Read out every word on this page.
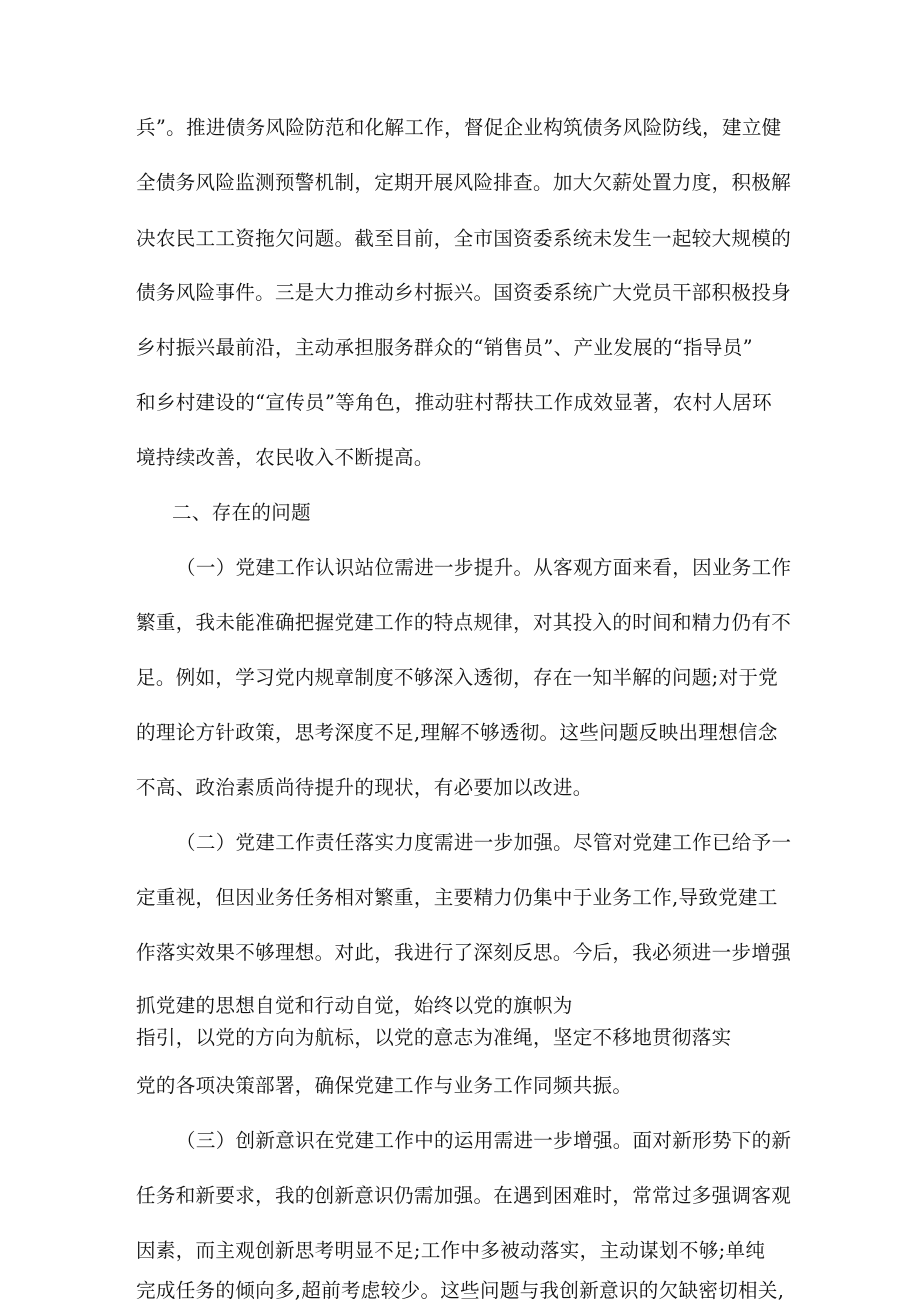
兵”。推进债务风险防范和化解工作，督促企业构筑债务风险防线，建立健
全债务风险监测预警机制，定期开展风险排查。加大欠薪处置力度，积极解
决农民工工资拖欠问题。截至目前，全市国资委系统未发生一起较大规模的
债务风险事件。三是大力推动乡村振兴。国资委系统广大党员干部积极投身
乡村振兴最前沿，主动承担服务群众的“销售员”、产业发展的“指导员”
和乡村建设的“宣传员”等角色，推动驻村帮扶工作成效显著，农村人居环
境持续改善，农民收入不断提高。
二、存在的问题
（一）党建工作认识站位需进一步提升。从客观方面来看，因业务工作
繁重，我未能准确把握党建工作的特点规律，对其投入的时间和精力仍有不
足。例如，学习党内规章制度不够深入透彻，存在一知半解的问题;对于党
的理论方针政策，思考深度不足,理解不够透彻。这些问题反映出理想信念
不高、政治素质尚待提升的现状，有必要加以改进。
（二）党建工作责任落实力度需进一步加强。尽管对党建工作已给予一
定重视，但因业务任务相对繁重，主要精力仍集中于业务工作,导致党建工
作落实效果不够理想。对此，我进行了深刻反思。今后，我必须进一步增强
抓党建的思想自觉和行动自觉，始终以党的旗帜为
指引，以党的方向为航标，以党的意志为准绳，坚定不移地贯彻落实
党的各项决策部署，确保党建工作与业务工作同频共振。
（三）创新意识在党建工作中的运用需进一步增强。面对新形势下的新
任务和新要求，我的创新意识仍需加强。在遇到困难时，常常过多强调客观
因素，而主观创新思考明显不足;工作中多被动落实，主动谋划不够;单纯
完成任务的倾向多,超前考虑较少。这些问题与我创新意识的欠缺密切相关,
